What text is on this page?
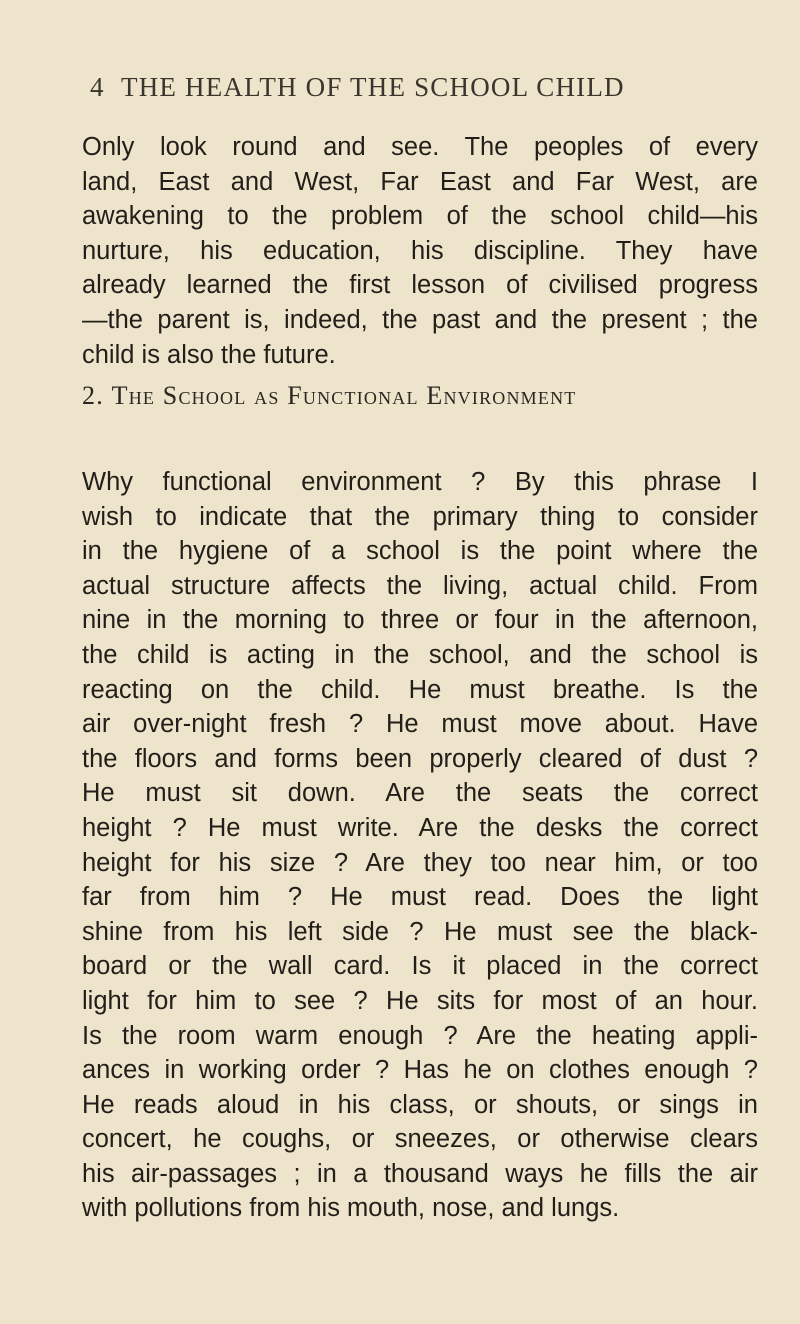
4 THE HEALTH OF THE SCHOOL CHILD
Only look round and see. The peoples of every
land, East and West, Far East and Far West, are
awakening to the problem of the school child—his
nurture, his education, his discipline. They have
already learned the first lesson of civilised progress
—the parent is, indeed, the past and the present ; the
child is also the future.
2. The School as Functional Environment
Why functional environment ? By this phrase I
wish to indicate that the primary thing to consider
in the hygiene of a school is the point where the
actual structure affects the living, actual child. From
nine in the morning to three or four in the afternoon,
the child is acting in the school, and the school is
reacting on the child. He must breathe. Is the
air over-night fresh ? He must move about. Have
the floors and forms been properly cleared of dust ?
He must sit down. Are the seats the correct
height ? He must write. Are the desks the correct
height for his size ? Are they too near him, or too
far from him ? He must read. Does the light
shine from his left side ? He must see the black-
board or the wall card. Is it placed in the correct
light for him to see ? He sits for most of an hour.
Is the room warm enough ? Are the heating appli-
ances in working order ? Has he on clothes enough ?
He reads aloud in his class, or shouts, or sings in
concert, he coughs, or sneezes, or otherwise clears
his air-passages ; in a thousand ways he fills the air
with pollutions from his mouth, nose, and lungs.
